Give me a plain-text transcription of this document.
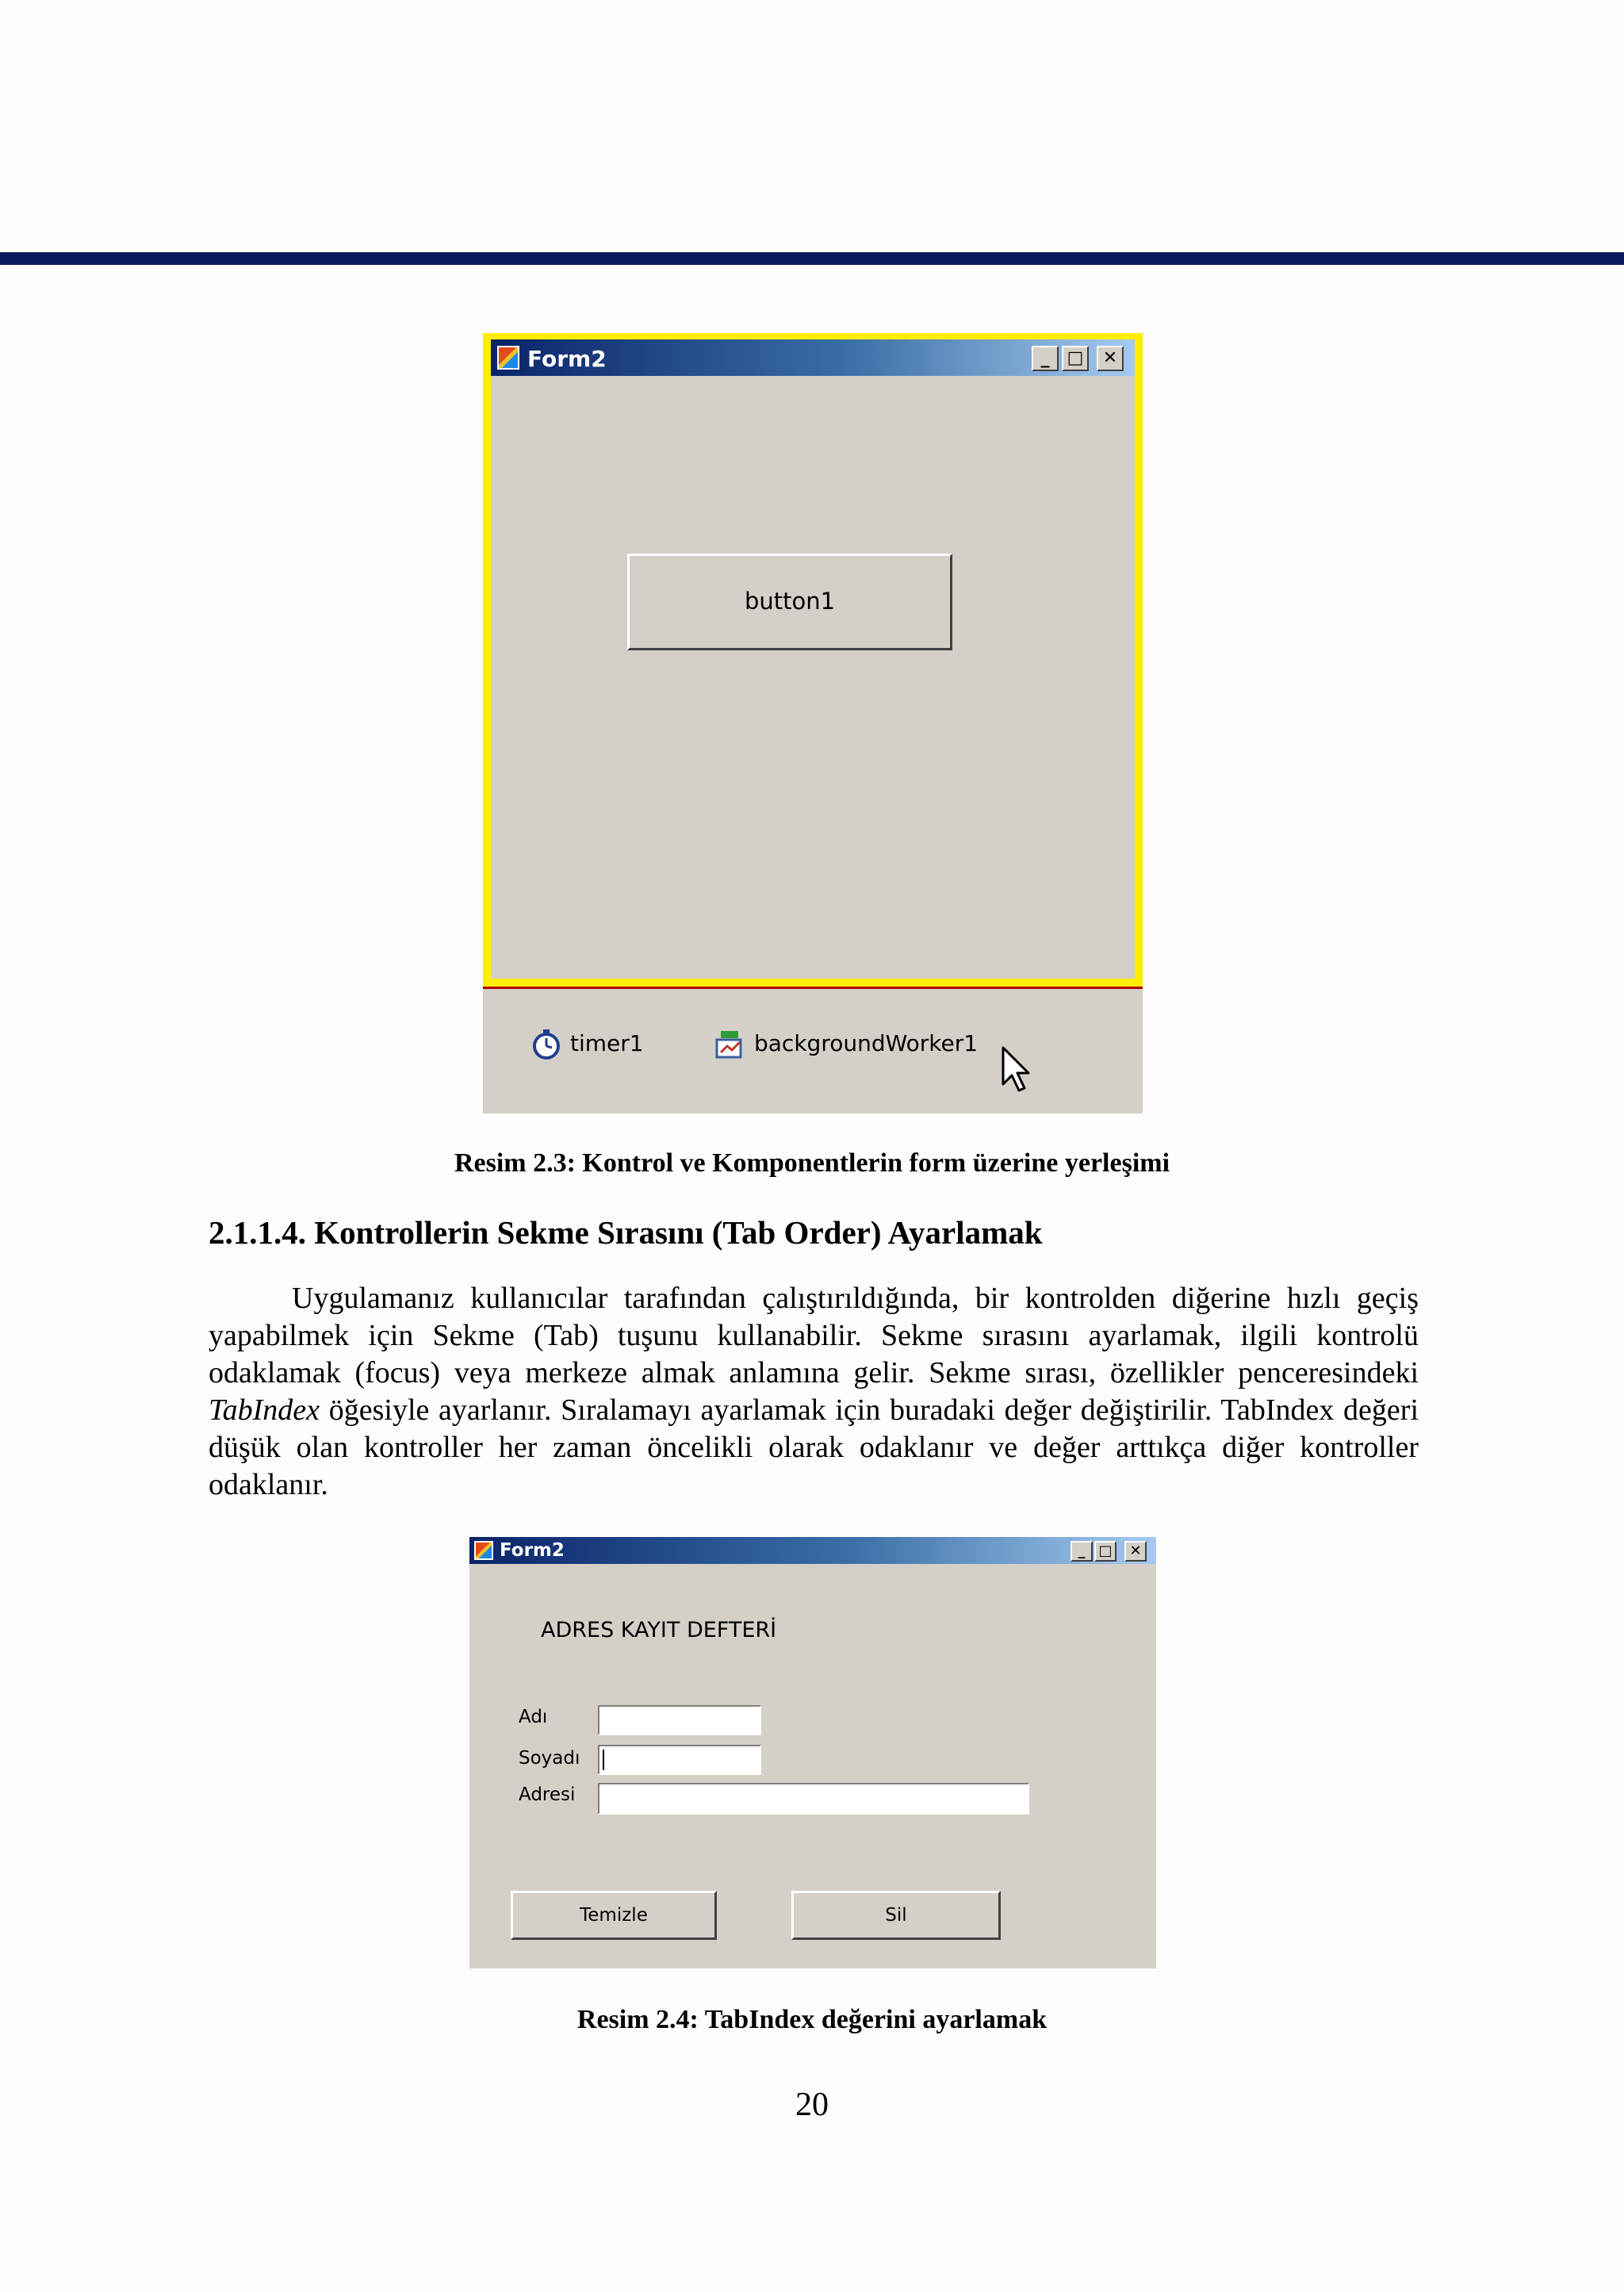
Form2	_	□	✕
button1
timer1	backgroundWorker1
Resim 2.3: Kontrol ve Komponentlerin form üzerine yerleşimi
2.1.1.4. Kontrollerin Sekme Sırasını (Tab Order) Ayarlamak

Uygulamanız kullanıcılar tarafından çalıştırıldığında, bir kontrolden diğerine hızlı geçiş yapabilmek için Sekme (Tab) tuşunu kullanabilir. Sekme sırasını ayarlamak, ilgili kontrolü odaklamak (focus) veya merkeze almak anlamına gelir. Sekme sırası, özellikler penceresindeki TabIndex öğesiyle ayarlanır. Sıralamayı ayarlamak için buradaki değer değiştirilir. TabIndex değeri düşük olan kontroller her zaman öncelikli olarak odaklanır ve değer arttıkça diğer kontroller odaklanır.

Form2	_ □	✕
ADRES KAYIT DEFTERİ
Adı
Soyadı
Adresi
Temizle	Sil
Resim 2.4: TabIndex değerini ayarlamak
20
